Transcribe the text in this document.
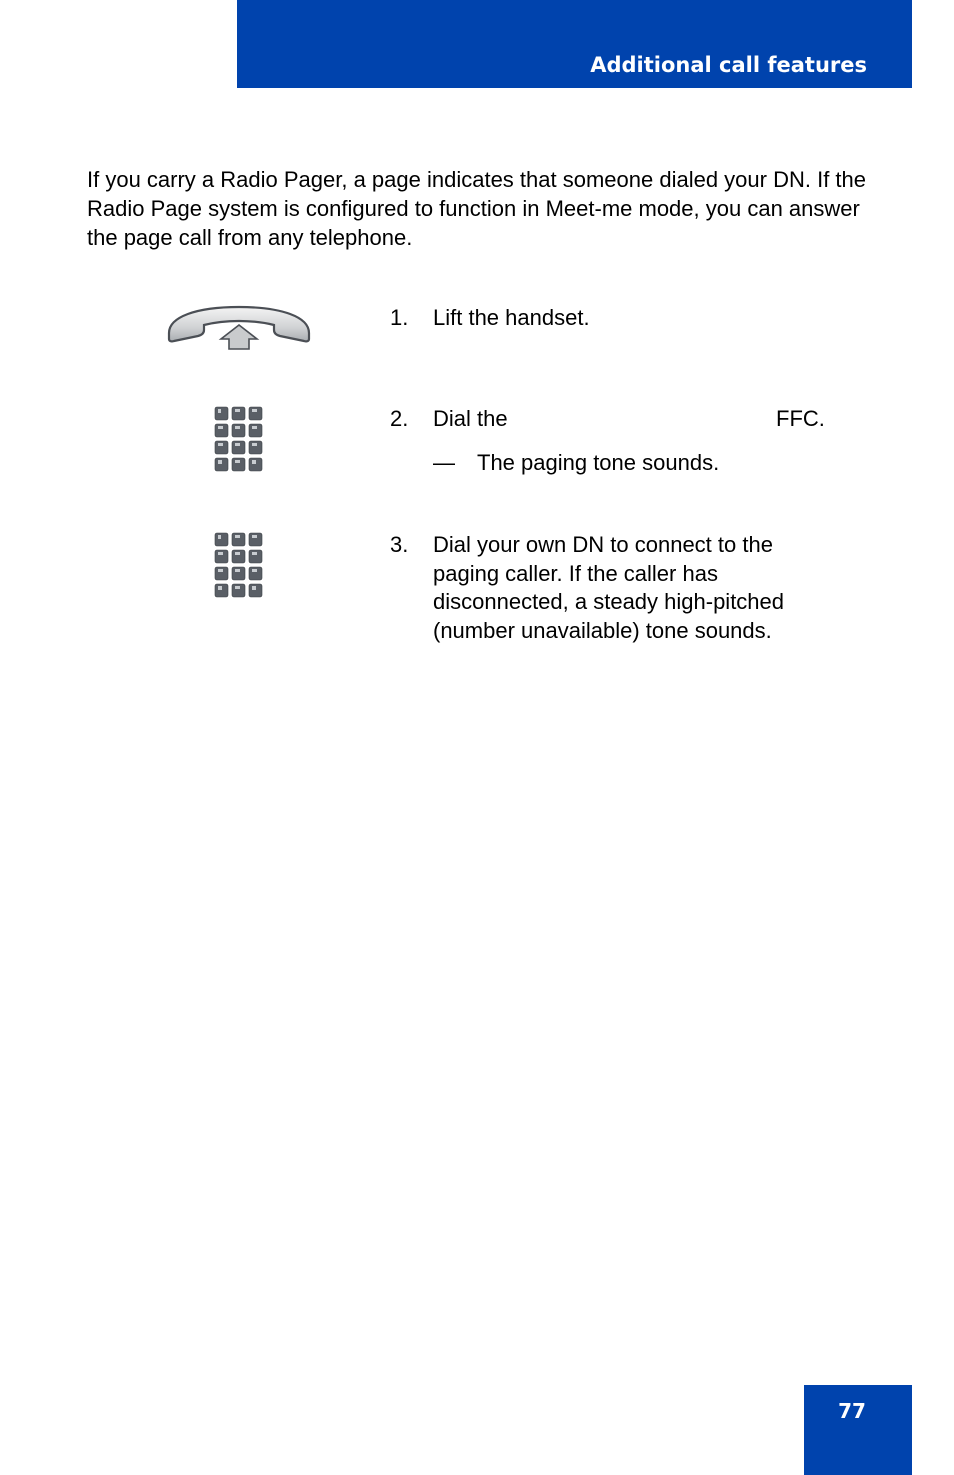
Additional call features

If you carry a Radio Pager, a page indicates that someone dialed your DN. If the Radio Page system is configured to function in Meet-me mode, you can answer the page call from any telephone.

1. Lift the handset.
2. Dial the	FFC.
— The paging tone sounds.
3. Dial your own DN to connect to the paging caller. If the caller has disconnected, a steady high-pitched (number unavailable) tone sounds.
77
